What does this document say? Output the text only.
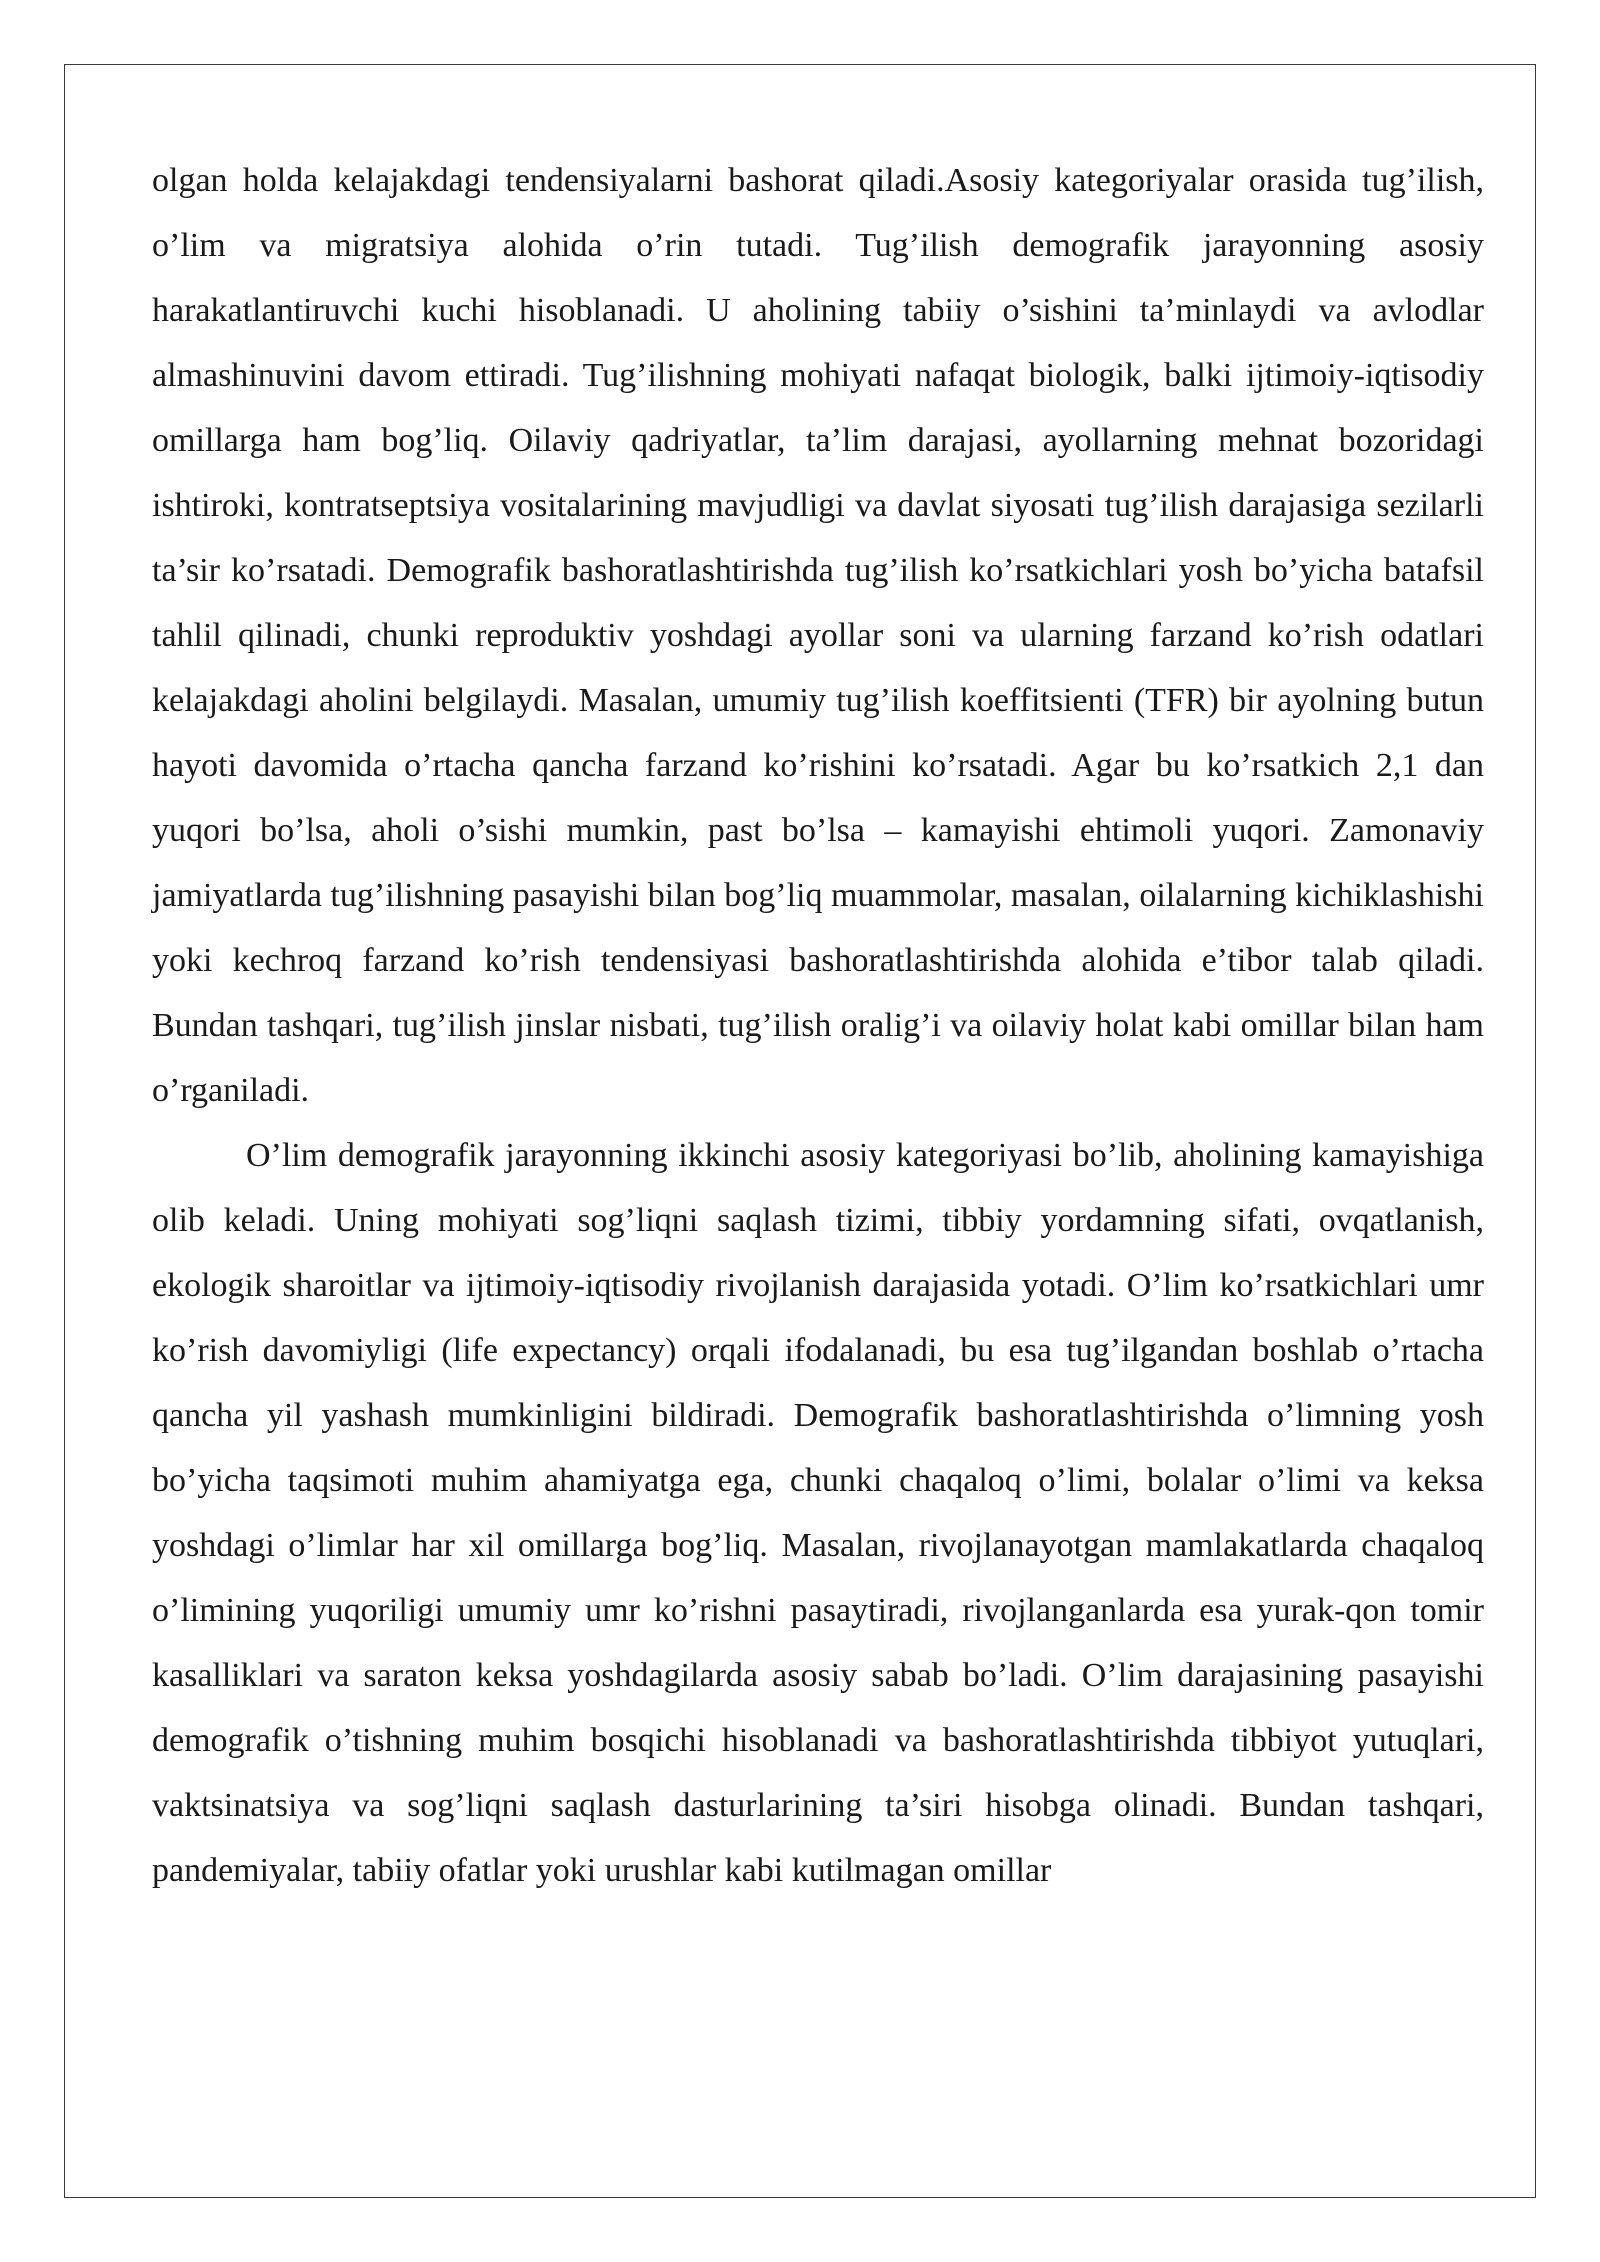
olgan holda kelajakdagi tendensiyalarni bashorat qiladi.Asosiy kategoriyalar orasida tug’ilish, o’lim va migratsiya alohida o’rin tutadi. Tug’ilish demografik jarayonning asosiy harakatlantiruvchi kuchi hisoblanadi. U aholining tabiiy o’sishini ta’minlaydi va avlodlar almashinuvini davom ettiradi. Tug’ilishning mohiyati nafaqat biologik, balki ijtimoiy-iqtisodiy omillarga ham bog’liq. Oilaviy qadriyatlar, ta’lim darajasi, ayollarning mehnat bozoridagi ishtiroki, kontratseptsiya vositalarining mavjudligi va davlat siyosati tug’ilish darajasiga sezilarli ta’sir ko’rsatadi. Demografik bashoratlashtirishda tug’ilish ko’rsatkichlari yosh bo’yicha batafsil tahlil qilinadi, chunki reproduktiv yoshdagi ayollar soni va ularning farzand ko’rish odatlari kelajakdagi aholini belgilaydi. Masalan, umumiy tug’ilish koeffitsienti (TFR) bir ayolning butun hayoti davomida o’rtacha qancha farzand ko’rishini ko’rsatadi. Agar bu ko’rsatkich 2,1 dan yuqori bo’lsa, aholi o’sishi mumkin, past bo’lsa – kamayishi ehtimoli yuqori. Zamonaviy jamiyatlarda tug’ilishning pasayishi bilan bog’liq muammolar, masalan, oilalarning kichiklashishi yoki kechroq farzand ko’rish tendensiyasi bashoratlashtirishda alohida e’tibor talab qiladi. Bundan tashqari, tug’ilish jinslar nisbati, tug’ilish oralig’i va oilaviy holat kabi omillar bilan ham o’rganiladi.

O’lim demografik jarayonning ikkinchi asosiy kategoriyasi bo’lib, aholining kamayishiga olib keladi. Uning mohiyati sog’liqni saqlash tizimi, tibbiy yordamning sifati, ovqatlanish, ekologik sharoitlar va ijtimoiy-iqtisodiy rivojlanish darajasida yotadi. O’lim ko’rsatkichlari umr ko’rish davomiyligi (life expectancy) orqali ifodalanadi, bu esa tug’ilgandan boshlab o’rtacha qancha yil yashash mumkinligini bildiradi. Demografik bashoratlashtirishda o’limning yosh bo’yicha taqsimoti muhim ahamiyatga ega, chunki chaqaloq o’limi, bolalar o’limi va keksa yoshdagi o’limlar har xil omillarga bog’liq. Masalan, rivojlanayotgan mamlakatlarda chaqaloq o’limining yuqoriligi umumiy umr ko’rishni pasaytiradi, rivojlanganlarda esa yurak-qon tomir kasalliklari va saraton keksa yoshdagilarda asosiy sabab bo’ladi. O’lim darajasining pasayishi demografik o’tishning muhim bosqichi hisoblanadi va bashoratlashtirishda tibbiyot yutuqlari, vaktsinatsiya va sog’liqni saqlash dasturlarining ta’siri hisobga olinadi. Bundan tashqari, pandemiyalar, tabiiy ofatlar yoki urushlar kabi kutilmagan omillar
